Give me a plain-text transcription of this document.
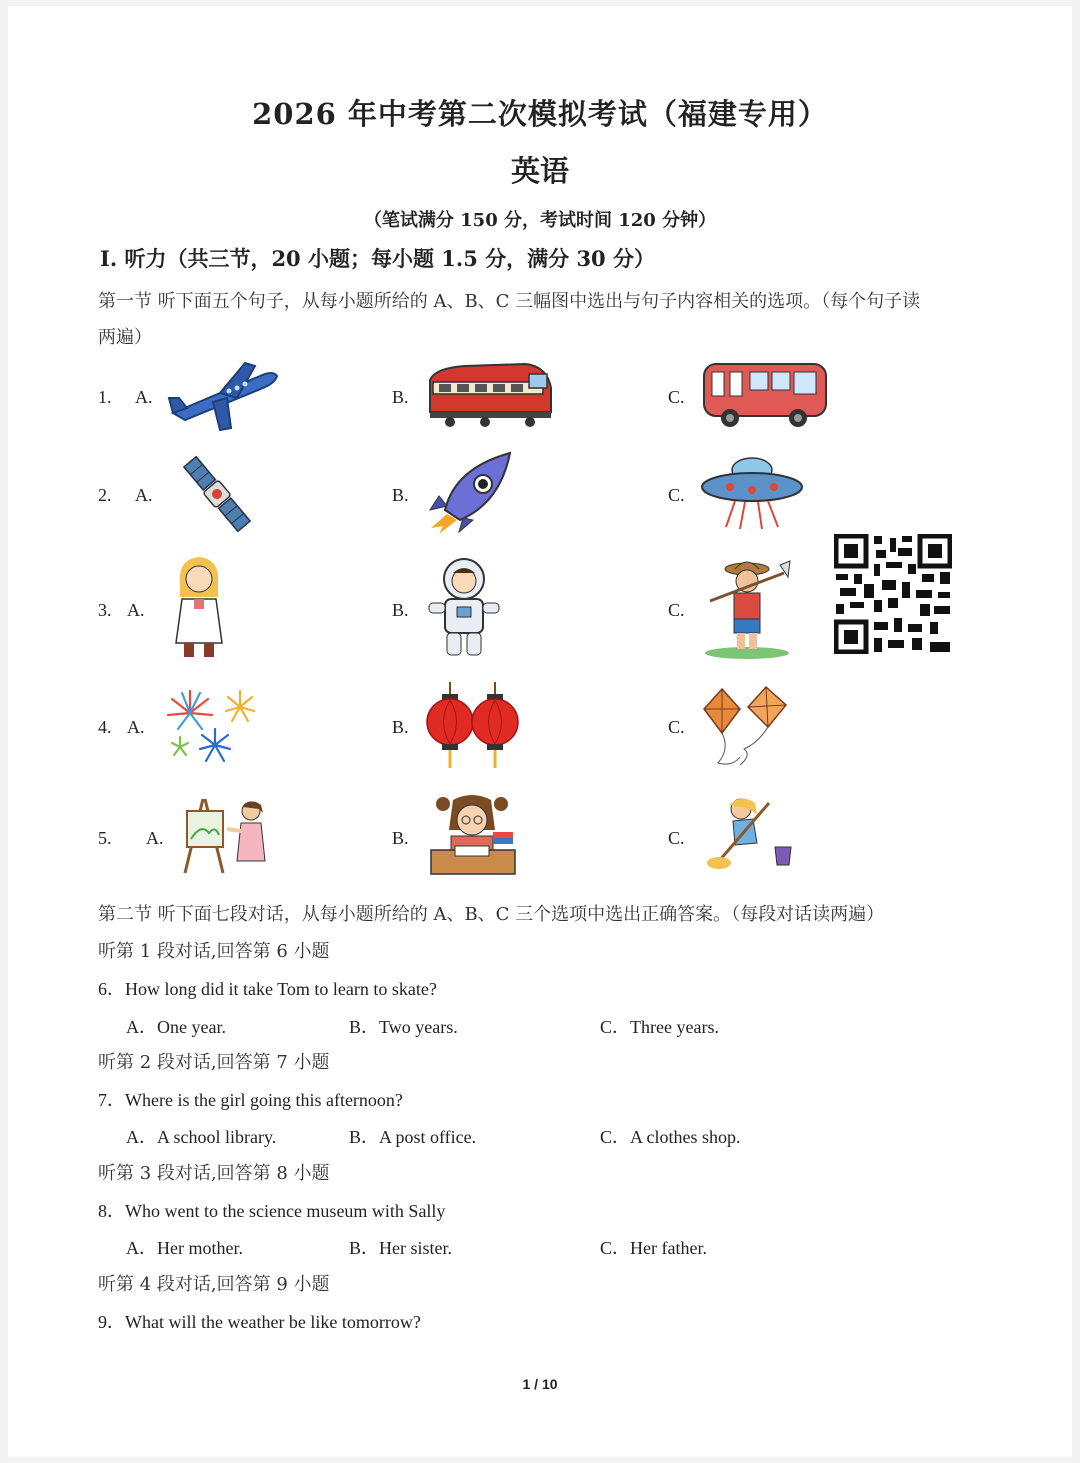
2026 年中考第二次模拟考试（福建专用）
英语
（笔试满分 150 分，考试时间 120 分钟）
Ⅰ. 听力（共三节，20 小题；每小题 1.5 分，满分 30 分）
第一节 听下面五个句子，从每小题所给的 A、B、C 三幅图中选出与句子内容相关的选项。（每个句子读
两遍）
1. A.	B.	C.
2. A.	B.	C.
3. A.	B.	C.
4. A.	B.	C.
5. A.	B.	C.
第二节 听下面七段对话，从每小题所给的 A、B、C 三个选项中选出正确答案。（每段对话读两遍）
听第 1 段对话,回答第 6 小题
6．How long did it take Tom to learn to skate?
A．One year.	B．Two years.	C．Three years.
听第 2 段对话,回答第 7 小题
7．Where is the girl going this afternoon?
A．A school library.	B．A post office.	C．A clothes shop.
听第 3 段对话,回答第 8 小题
8．Who went to the science museum with Sally
A．Her mother.	B．Her sister.	C．Her father.
听第 4 段对话,回答第 9 小题
9．What will the weather be like tomorrow?
1 / 10
